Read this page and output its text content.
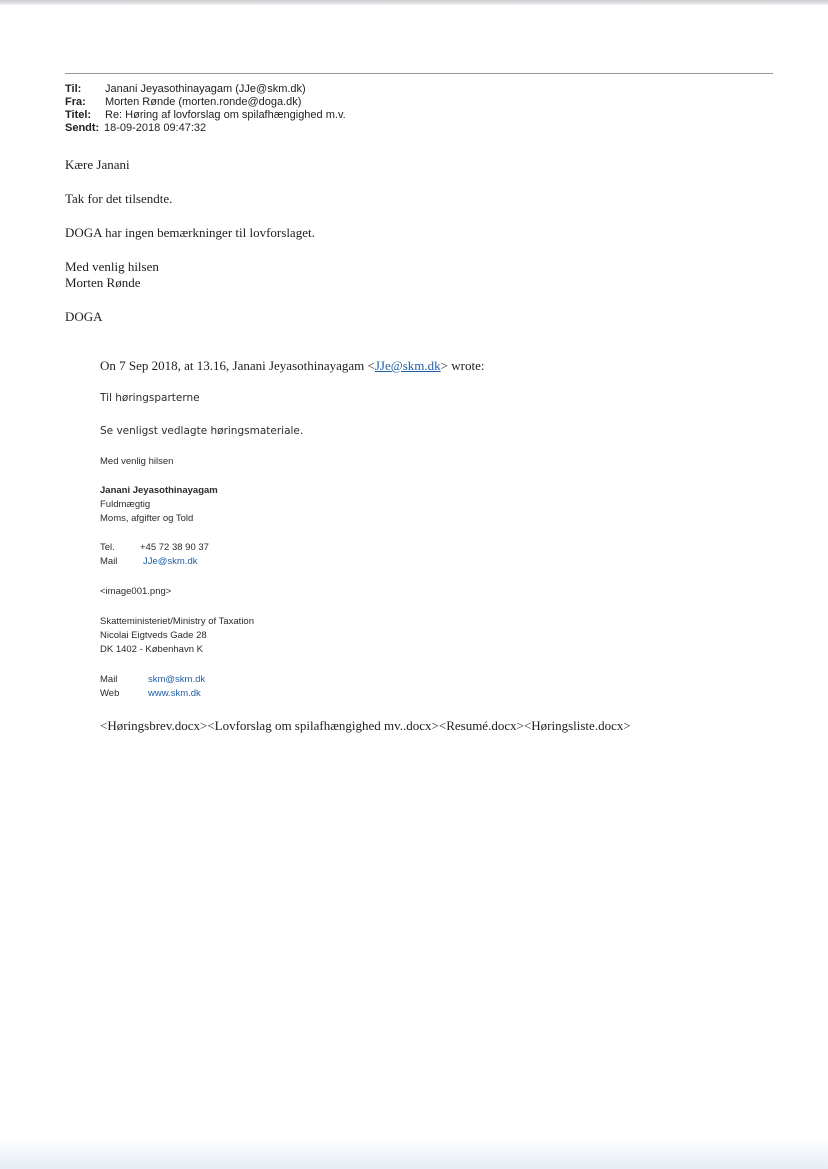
Til:	Janani Jeyasothinayagam (JJe@skm.dk)
Fra:	Morten Rønde (morten.ronde@doga.dk)
Titel:	Re: Høring af lovforslag om spilafhængighed m.v.
Sendt: 18-09-2018 09:47:32
Kære Janani
Tak for det tilsendte.
DOGA har ingen bemærkninger til lovforslaget.
Med venlig hilsen
Morten Rønde
DOGA
On 7 Sep 2018, at 13.16, Janani Jeyasothinayagam <JJe@skm.dk> wrote:
Til høringsparterne
Se venligst vedlagte høringsmateriale.
Med venlig hilsen
Janani Jeyasothinayagam
Fuldmægtig
Moms, afgifter og Told
Tel.	+45 72 38 90 37
Mail	JJe@skm.dk
<image001.png>
Skatteministeriet/Ministry of Taxation
Nicolai Eigtveds Gade 28
DK 1402 - København K
Mail	skm@skm.dk
Web	www.skm.dk
<Høringsbrev.docx><Lovforslag om spilafhængighed mv..docx><Resumé.docx><Høringsliste.docx>
